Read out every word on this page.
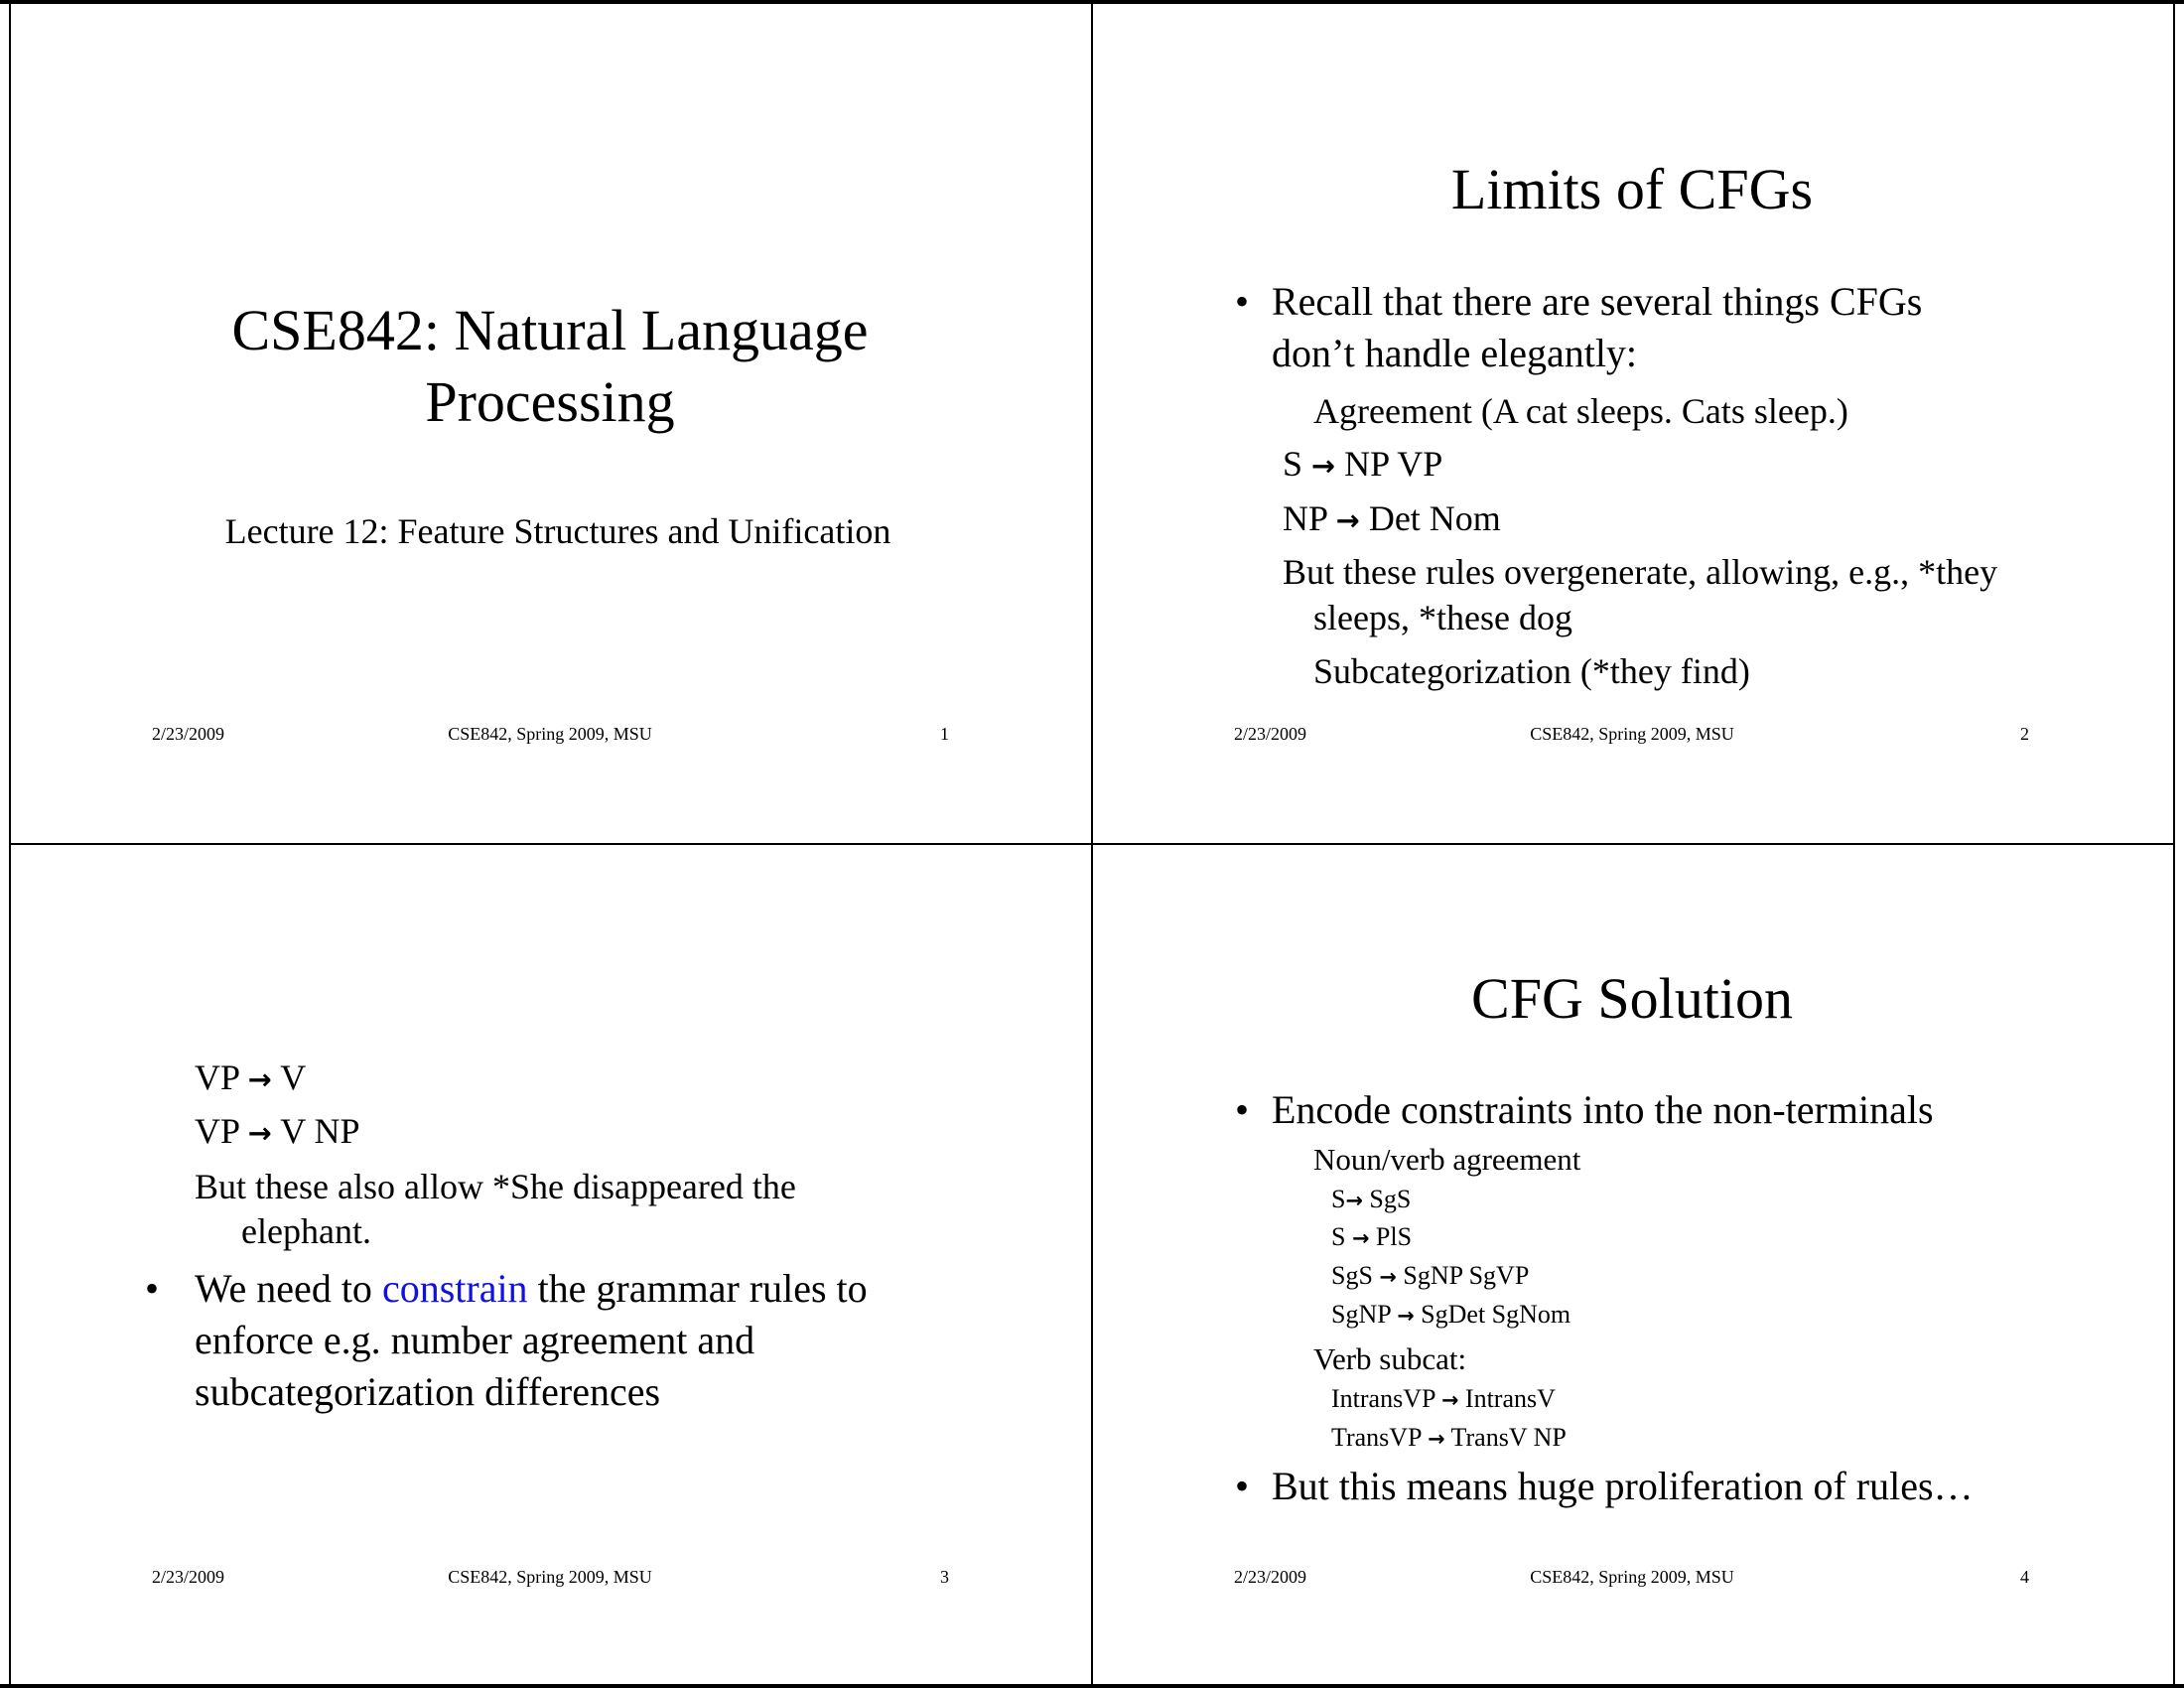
CSE842: Natural Language
Processing
Lecture 12: Feature Structures and Unification
2/23/2009	CSE842, Spring 2009, MSU	1
Limits of CFGs
• Recall that there are several things CFGs
don’t handle elegantly:
Agreement (A cat sleeps. Cats sleep.)
S → NP VP
NP → Det Nom
But these rules overgenerate, allowing, e.g., *they
sleeps, *these dog
Subcategorization (*they find)
2/23/2009	CSE842, Spring 2009, MSU	2
VP → V
VP → V NP
But these also allow *She disappeared the
elephant.
• We need to constrain the grammar rules to
enforce e.g. number agreement and
subcategorization differences
2/23/2009	CSE842, Spring 2009, MSU	3
CFG Solution
• Encode constraints into the non-terminals
Noun/verb agreement
S→ SgS
S → PlS
SgS → SgNP SgVP
SgNP → SgDet SgNom
Verb subcat:
IntransVP → IntransV
TransVP → TransV NP
• But this means huge proliferation of rules…
2/23/2009	CSE842, Spring 2009, MSU	4
